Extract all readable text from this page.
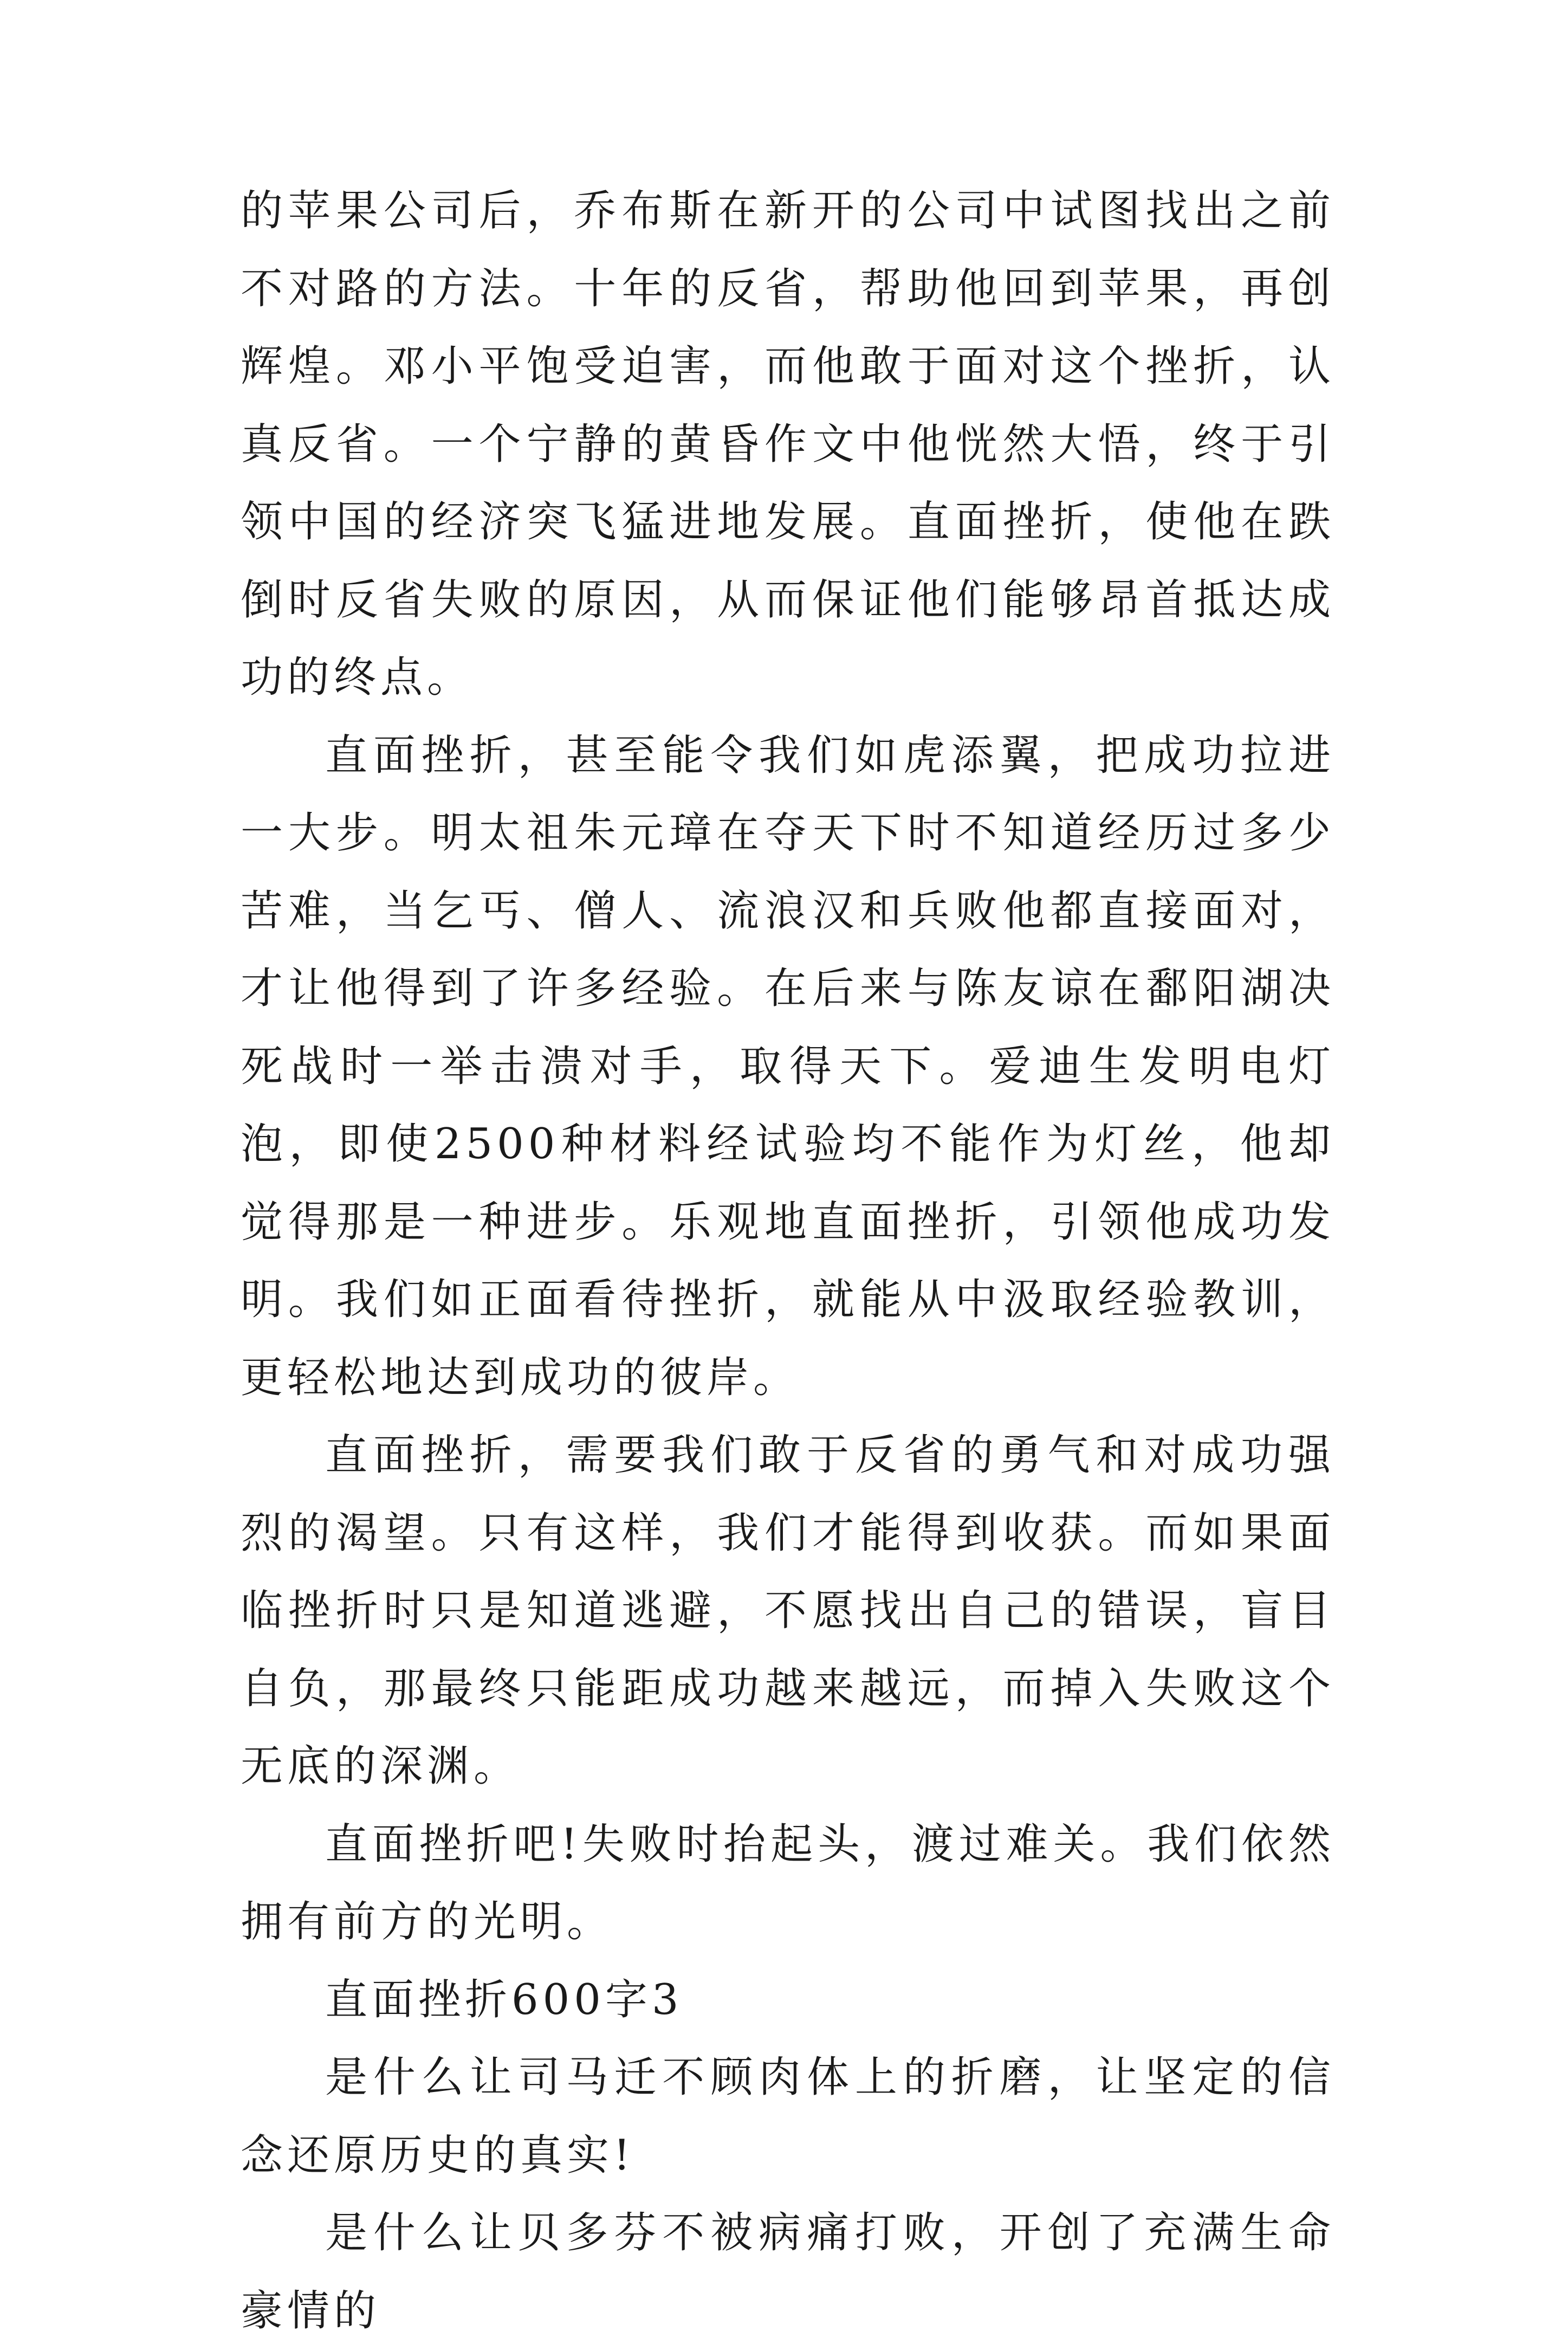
的苹果公司后，乔布斯在新开的公司中试图找出之前不对路的方法。十年的反省，帮助他回到苹果，再创辉煌。邓小平饱受迫害，而他敢于面对这个挫折，认真反省。一个宁静的黄昏作文中他恍然大悟，终于引领中国的经济突飞猛进地发展。直面挫折，使他在跌倒时反省失败的原因，从而保证他们能够昂首抵达成功的终点。

直面挫折，甚至能令我们如虎添翼，把成功拉进一大步。明太祖朱元璋在夺天下时不知道经历过多少苦难，当乞丐、僧人、流浪汉和兵败他都直接面对，才让他得到了许多经验。在后来与陈友谅在鄱阳湖决死战时一举击溃对手，取得天下。爱迪生发明电灯泡，即使2500种材料经试验均不能作为灯丝，他却觉得那是一种进步。乐观地直面挫折，引领他成功发明。我们如正面看待挫折，就能从中汲取经验教训，更轻松地达到成功的彼岸。

直面挫折，需要我们敢于反省的勇气和对成功强烈的渴望。只有这样，我们才能得到收获。而如果面临挫折时只是知道逃避，不愿找出自己的错误，盲目自负，那最终只能距成功越来越远，而掉入失败这个无底的深渊。

直面挫折吧!失败时抬起头，渡过难关。我们依然拥有前方的光明。

直面挫折600字3

是什么让司马迁不顾肉体上的折磨，让坚定的信念还原历史的真实!

是什么让贝多芬不被病痛打败，开创了充满生命豪情的
